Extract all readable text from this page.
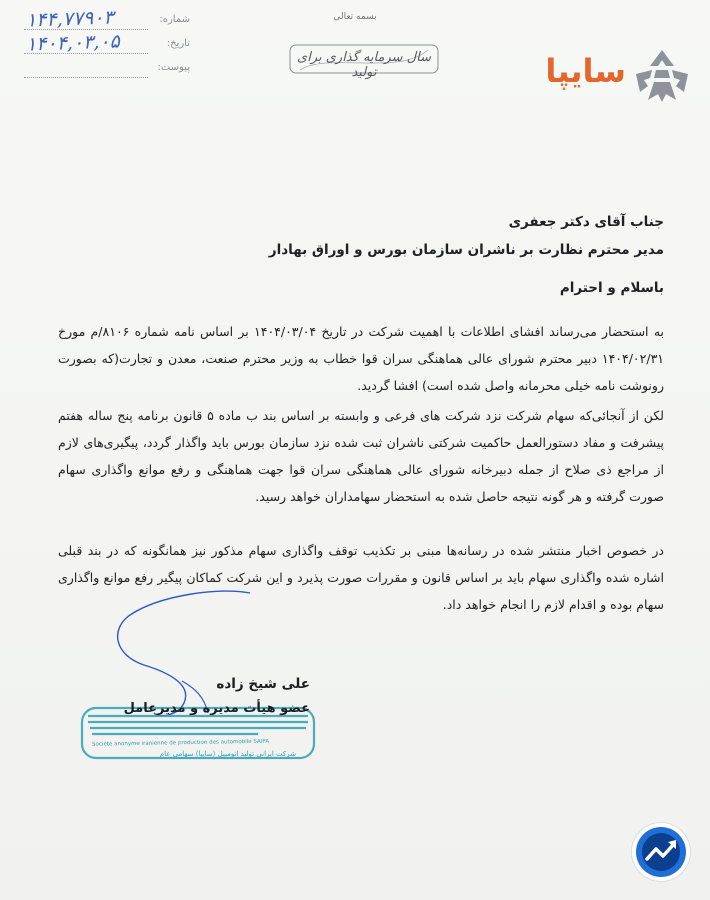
۱۴۴,۷۷۹۰۳	شماره:
۱۴۰۴,۰۳,۰۵	تاریخ:
پیوست:
بسمه تعالی
سال سرمایه گذاری برای تولید	سایپا

جناب آقای دکتر جعفری

مدیر محترم نظارت بر ناشران سازمان بورس و اوراق بهادار

باسلام و احترام
به استحضار می‌رساند افشای اطلاعات با اهمیت شرکت در تاریخ ۱۴۰۴/۰۳/۰۴ بر اساس نامه شماره ۸۱۰۶/م مورخ ۱۴۰۴/۰۲/۳۱ دبیر محترم شورای عالی هماهنگی سران قوا خطاب به وزیر محترم صنعت، معدن و تجارت(که بصورت رونوشت نامه خیلی محرمانه واصل شده است) افشا گردید.
لکن از آنجائی‌که سهام شرکت نزد شرکت های فرعی و وابسته بر اساس بند ب ماده ۵ قانون برنامه پنج ساله هفتم پیشرفت و مفاد دستورالعمل حاکمیت شرکتی ناشران ثبت شده نزد سازمان بورس باید واگذار گردد، پیگیری‌های لازم از مراجع ذی صلاح از جمله دبیرخانه شورای عالی هماهنگی سران قوا جهت هماهنگی و رفع موانع واگذاری سهام صورت گرفته و هر گونه نتیجه حاصل شده به استحضار سهامداران خواهد رسید.
در خصوص اخبار منتشر شده در رسانه‌ها مبنی بر تکذیب توقف واگذاری سهام مذکور نیز همانگونه که در بند قبلی اشاره شده واگذاری سهام باید بر اساس قانون و مقررات صورت پذیرد و این شرکت کماکان پیگیر رفع موانع واگذاری سهام بوده و اقدام لازم را انجام خواهد داد.
Société anonyme iranienne de production des automobile SAIPA
شرکت ایرانی تولید اتومبیل (سایپا) سهامی عام
علی شیخ زاده
عضو هیأت مدیره و مدیرعامل
